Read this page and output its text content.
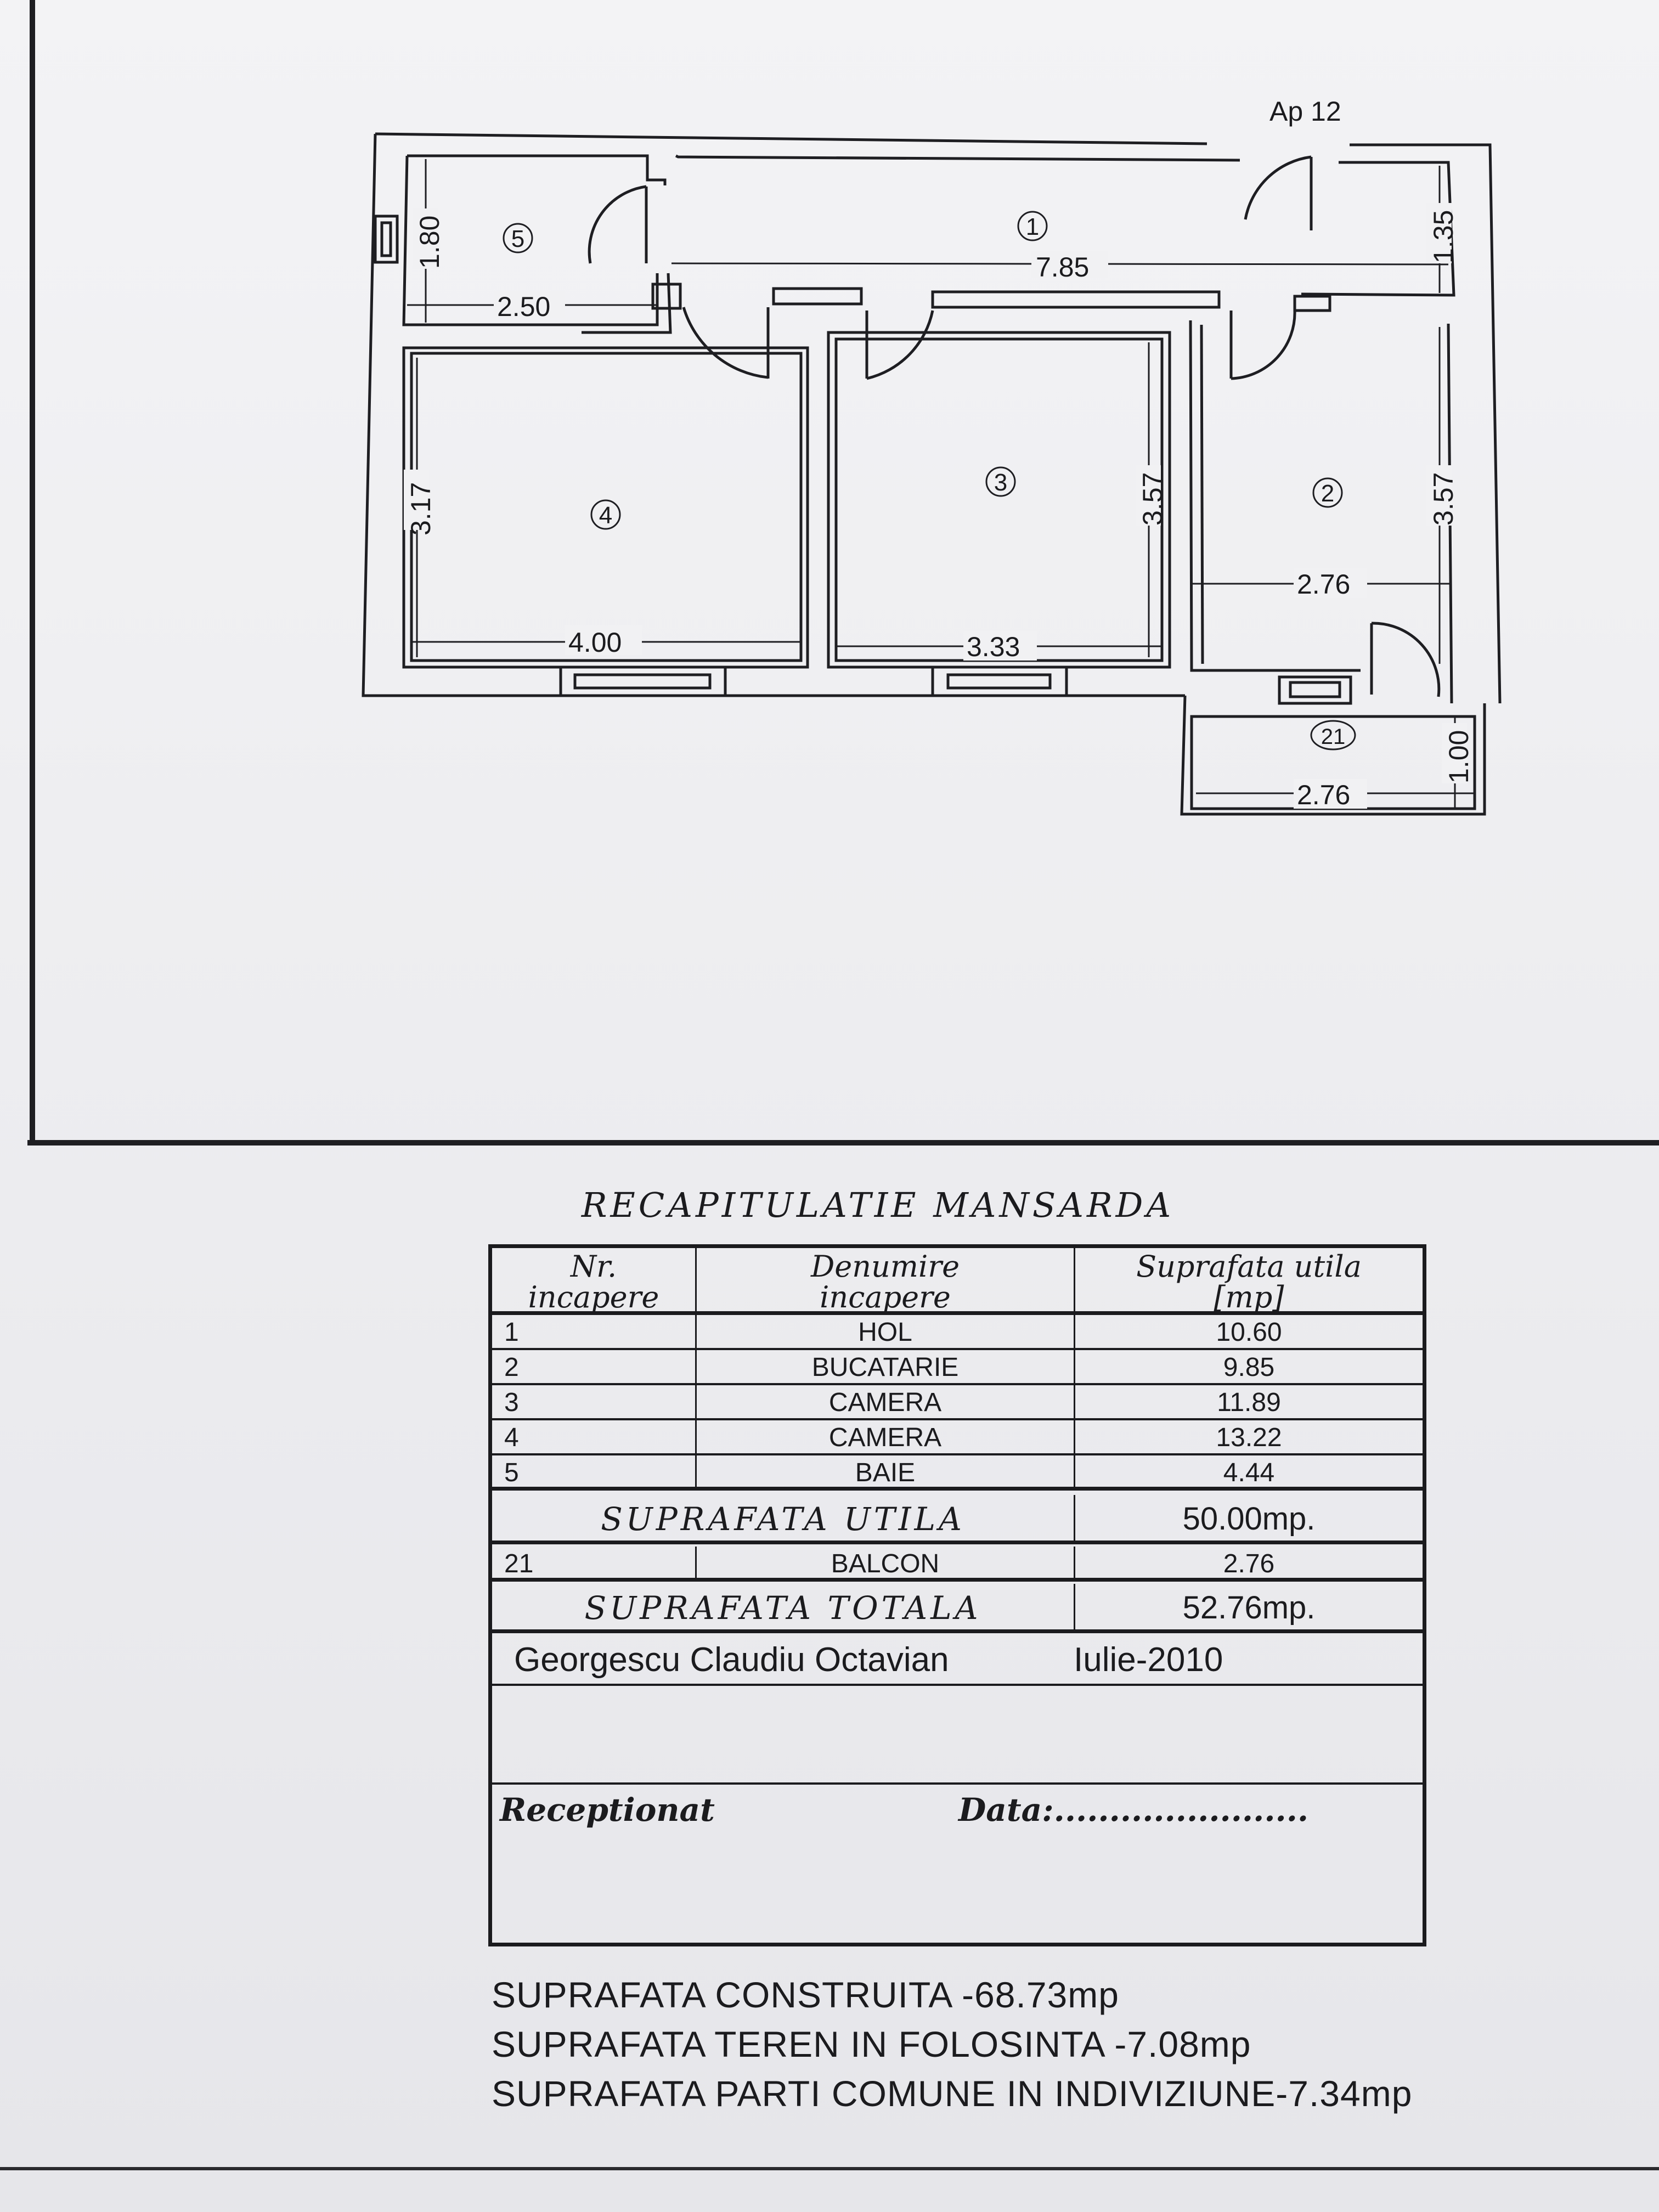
Ap 12
1
2
3
4
5
21
7.85
1.35
1.80
2.50
3.17
4.00
3.57
3.33
3.57
2.76
2.76
1.00
RECAPITULATIE MANSARDA
Nr.
incapere
Denumire
incapere
Suprafata utila
[mp]
1	HOL	10.60
2	BUCATARIE	9.85
3	CAMERA	11.89
4	CAMERA	13.22
5	BAIE	4.44
SUPRAFATA UTILA	50.00mp.
21	BALCON	2.76
SUPRAFATA TOTALA	52.76mp.
Georgescu Claudiu Octavian	Iulie-2010
Receptionat	Data:.......................
SUPRAFATA CONSTRUITA -68.73mp
SUPRAFATA TEREN IN FOLOSINTA -7.08mp
SUPRAFATA PARTI COMUNE IN INDIVIZIUNE-7.34mp
